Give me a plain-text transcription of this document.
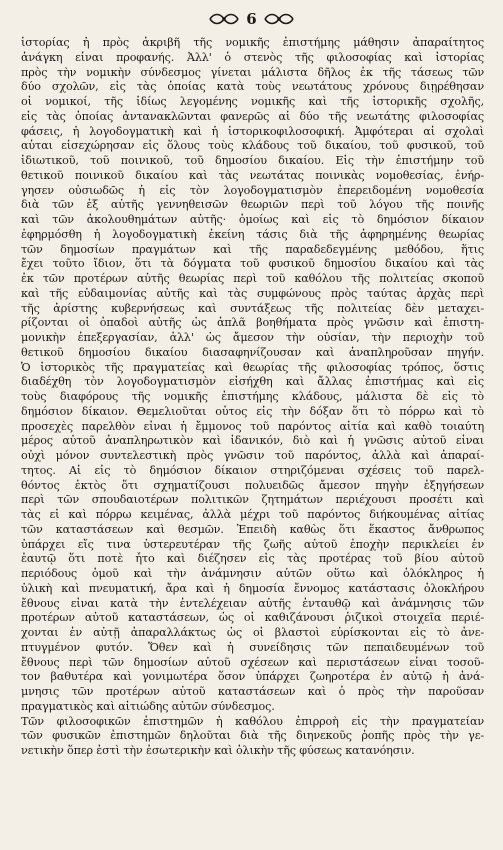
6
ἱστορίας ἡ πρὸς ἀκριβῆ τῆς νομικῆς ἐπιστήμης μάθησιν ἀπαραίτητος
ἀνάγκη εἶναι προφανής. Ἀλλ' ὁ στενὸς τῆς φιλοσοφίας καὶ ἱστορίας
πρὸς τὴν νομικὴν σύνδεσμος γίνεται μάλιστα δῆλος ἐκ τῆς τάσεως τῶν
δύο σχολῶν, εἰς τὰς ὁποίας κατὰ τοὺς νεωτάτους χρόνους διῃρέθησαν
οἱ νομικοί, τῆς ἰδίως λεγομένης νομικῆς καὶ τῆς ἱστορικῆς σχολῆς,
εἰς τὰς ὁποίας ἀντανακλῶνται φανερῶς αἱ δύο τῆς νεωτάτης φιλοσοφίας
φάσεις, ἡ λογοδογματικὴ καὶ ἡ ἱστορικοφιλοσοφική. Ἀμφότεραι αἱ σχολαὶ
αὗται εἰσεχώρησαν εἰς ὅλους τοὺς κλάδους τοῦ δικαίου, τοῦ φυσικοῦ, τοῦ
ἰδιωτικοῦ, τοῦ ποινικοῦ, τοῦ δημοσίου δικαίου. Εἰς τὴν ἐπιστήμην τοῦ
θετικοῦ ποινικοῦ δικαίου καὶ τὰς νεωτάτας ποινικὰς νομοθεσίας, ἐνήρ-
γησεν οὐσιωδῶς ἡ εἰς τὸν λογοδογματισμὸν ἐπερειδομένη νομοθεσία
διὰ τῶν ἐξ αὐτῆς γεννηθεισῶν θεωριῶν περὶ τοῦ λόγου τῆς ποινῆς
καὶ τῶν ἀκολουθημάτων αὐτῆς· ὁμοίως καὶ εἰς τὸ δημόσιον δίκαιον
ἐφηρμόσθη ἡ λογοδογματικὴ ἐκείνη τάσις διὰ τῆς ἀφηρημένης θεωρίας
τῶν δημοσίων πραγμάτων καὶ τῆς παραδεδεγμένης μεθόδου, ἥτις
ἔχει τοῦτο ἴδιον, ὅτι τὰ δόγματα τοῦ φυσικοῦ δημοσίου δικαίου καὶ τὰς
ἐκ τῶν προτέρων αὐτῆς θεωρίας περὶ τοῦ καθόλου τῆς πολιτείας σκοποῦ
καὶ τῆς εὐδαιμονίας αὐτῆς καὶ τὰς συμφώνους πρὸς ταύτας ἀρχὰς περὶ
τῆς ἀρίστης κυβερνήσεως καὶ συντάξεως τῆς πολιτείας δὲν μεταχει-
ρίζονται οἱ ὀπαδοὶ αὐτῆς ὡς ἁπλᾶ βοηθήματα πρὸς γνῶσιν καὶ ἐπιστη-
μονικὴν ἐπεξεργασίαν, ἀλλ' ὡς ἄμεσον τὴν οὐσίαν, τὴν περιοχὴν τοῦ
θετικοῦ δημοσίου δικαίου διασαφηνίζουσαν καὶ ἀναπληροῦσαν πηγήν.
Ὁ ἱστορικὸς τῆς πραγματείας καὶ θεωρίας τῆς φιλοσοφίας τρόπος, ὅστις
διαδέχθη τὸν λογοδογματισμὸν εἰσήχθη καὶ ἄλλας ἐπιστήμας καὶ εἰς
τοὺς διαφόρους τῆς νομικῆς ἐπιστήμης κλάδους, μάλιστα δὲ εἰς τὸ
δημόσιον δίκαιον. Θεμελιοῦται οὗτος εἰς τὴν δόξαν ὅτι τὸ πόρρω καὶ τὸ
προσεχὲς παρελθὸν εἶναι ἡ ἔμμονος τοῦ παρόντος αἰτία καὶ καθὸ τοιαύτη
μέρος αὐτοῦ ἀναπληρωτικὸν καὶ ἰδανικόν, διὸ καὶ ἡ γνῶσις αὐτοῦ εἶναι
οὐχὶ μόνον συντελεστικὴ πρὸς γνῶσιν τοῦ παρόντος, ἀλλὰ καὶ ἀπαραί-
τητος. Αἱ εἰς τὸ δημόσιον δίκαιον στηριζόμεναι σχέσεις τοῦ παρελ-
θόντος ἐκτὸς ὅτι σχηματίζουσι πολυειδῶς ἄμεσον πηγὴν ἐξηγήσεων
περὶ τῶν σπουδαιοτέρων πολιτικῶν ζητημάτων περιέχουσι προσέτι καὶ
τὰς εἰ καὶ πόρρω κειμένας, ἀλλὰ μέχρι τοῦ παρόντος διήκουμένας αἰτίας
τῶν καταστάσεων καὶ θεσμῶν. Ἐπειδὴ καθὼς ὅτι ἕκαστος ἄνθρωπος
ὑπάρχει εἴς τινα ὑστερευτέραν τῆς ζωῆς αὐτοῦ ἐποχὴν περικλείει ἐν
ἑαυτῷ ὅτι ποτὲ ἦτο καὶ διέζησεν εἰς τὰς προτέρας τοῦ βίου αὐτοῦ
περιόδους ὁμοῦ καὶ τὴν ἀνάμνησιν αὐτῶν οὕτω καὶ ὁλόκληρος ἡ
ὑλικὴ καὶ πνευματική, ἄρα καὶ ἡ δημοσία ἔννομος κατάστασις ὁλοκλήρου
ἔθνους εἶναι κατὰ τὴν ἐντελέχειαν αὐτῆς ἐνταυθῷ καὶ ἀνάμνησις τῶν
προτέρων αὐτοῦ καταστάσεων, ὡς οἱ καθιζάνουσι ῥιζικοὶ στοιχεῖα περιέ-
χονται ἐν αὐτῇ ἀπαραλλάκτως ὡς οἱ βλαστοὶ εὑρίσκονται εἰς τὸ ἀνε-
πτυγμένον φυτόν. Ὅθεν καὶ ἡ συνείδησις τῶν πεπαιδευμένων τοῦ
ἔθνους περὶ τῶν δημοσίων αὐτοῦ σχέσεων καὶ περιστάσεων εἶναι τοσοῦ-
τον βαθυτέρα καὶ γονιμωτέρα ὅσον ὑπάρχει ζωηροτέρα ἐν αὐτῷ ἡ ἀνά-
μνησις τῶν προτέρων αὐτοῦ καταστάσεων καὶ ὁ πρὸς τὴν παροῦσαν
πραγματικὸς καὶ αἰτιώδης αὐτῶν σύνδεσμος.
Τῶν φιλοσοφικῶν ἐπιστημῶν ἡ καθόλου ἐπιρροὴ εἰς τὴν πραγματείαν
τῶν φυσικῶν ἐπιστημῶν δηλοῦται διὰ τῆς διηνεκοῦς ῥοπῆς πρὸς τὴν γε-
νετικὴν ὅπερ ἐστὶ τὴν ἐσωτερικὴν καὶ ὁλικὴν τῆς φύσεως κατανόησιν.
